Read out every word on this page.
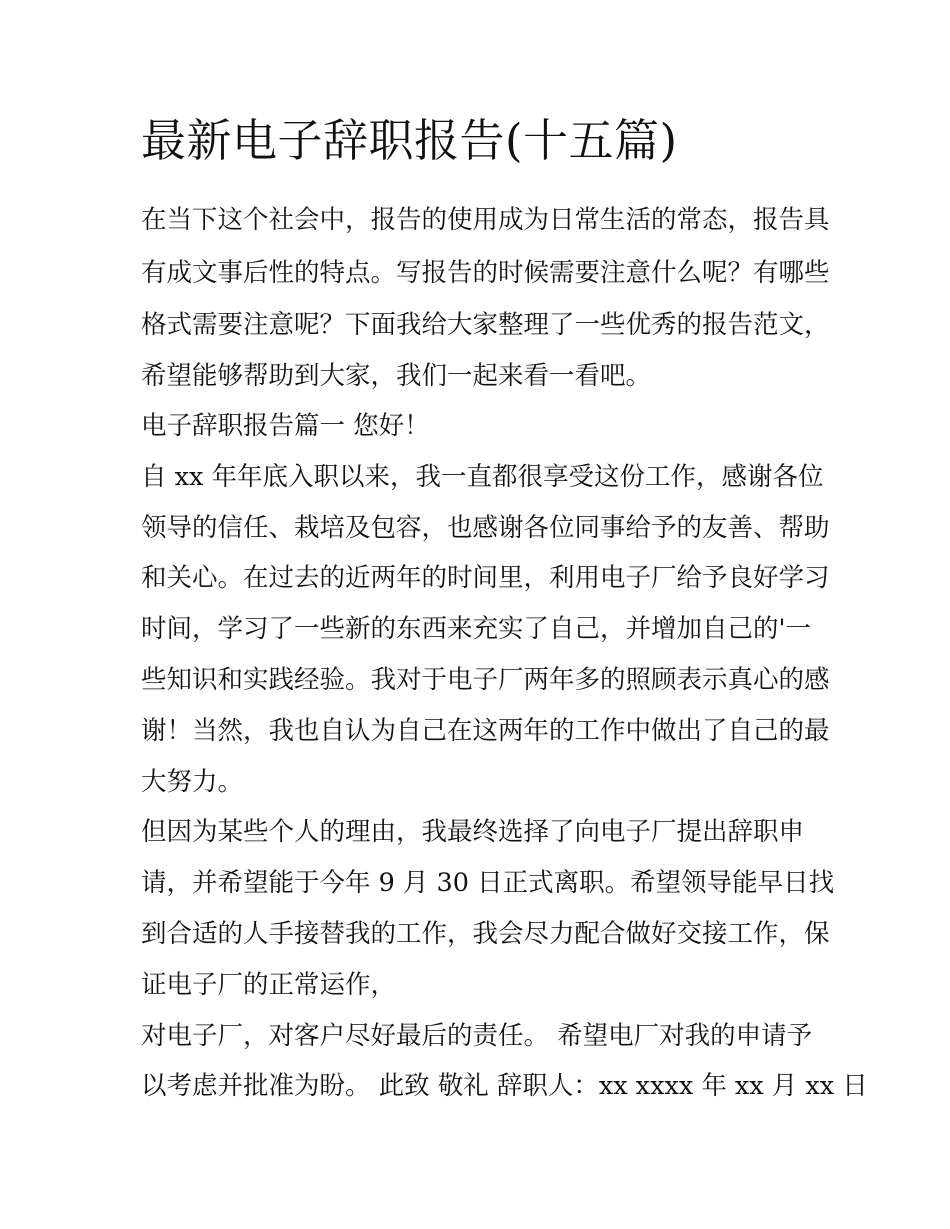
最新电子辞职报告(十五篇)

在当下这个社会中，报告的使用成为日常生活的常态，报告具

有成文事后性的特点。写报告的时候需要注意什么呢？有哪些

格式需要注意呢？下面我给大家整理了一些优秀的报告范文，

希望能够帮助到大家，我们一起来看一看吧。

电子辞职报告篇一 您好！

自 xx 年年底入职以来，我一直都很享受这份工作，感谢各位

领导的信任、栽培及包容，也感谢各位同事给予的友善、帮助

和关心。在过去的近两年的时间里，利用电子厂给予良好学习

时间，学习了一些新的东西来充实了自己，并增加自己的'一

些知识和实践经验。我对于电子厂两年多的照顾表示真心的感

谢！当然，我也自认为自己在这两年的工作中做出了自己的最

大努力。

但因为某些个人的理由，我最终选择了向电子厂提出辞职申

请，并希望能于今年 9 月 30 日正式离职。希望领导能早日找

到合适的人手接替我的工作，我会尽力配合做好交接工作，保

证电子厂的正常运作，

对电子厂，对客户尽好最后的责任。 希望电厂对我的申请予

以考虑并批准为盼。 此致 敬礼 辞职人：xx xxxx 年 xx 月 xx 日
